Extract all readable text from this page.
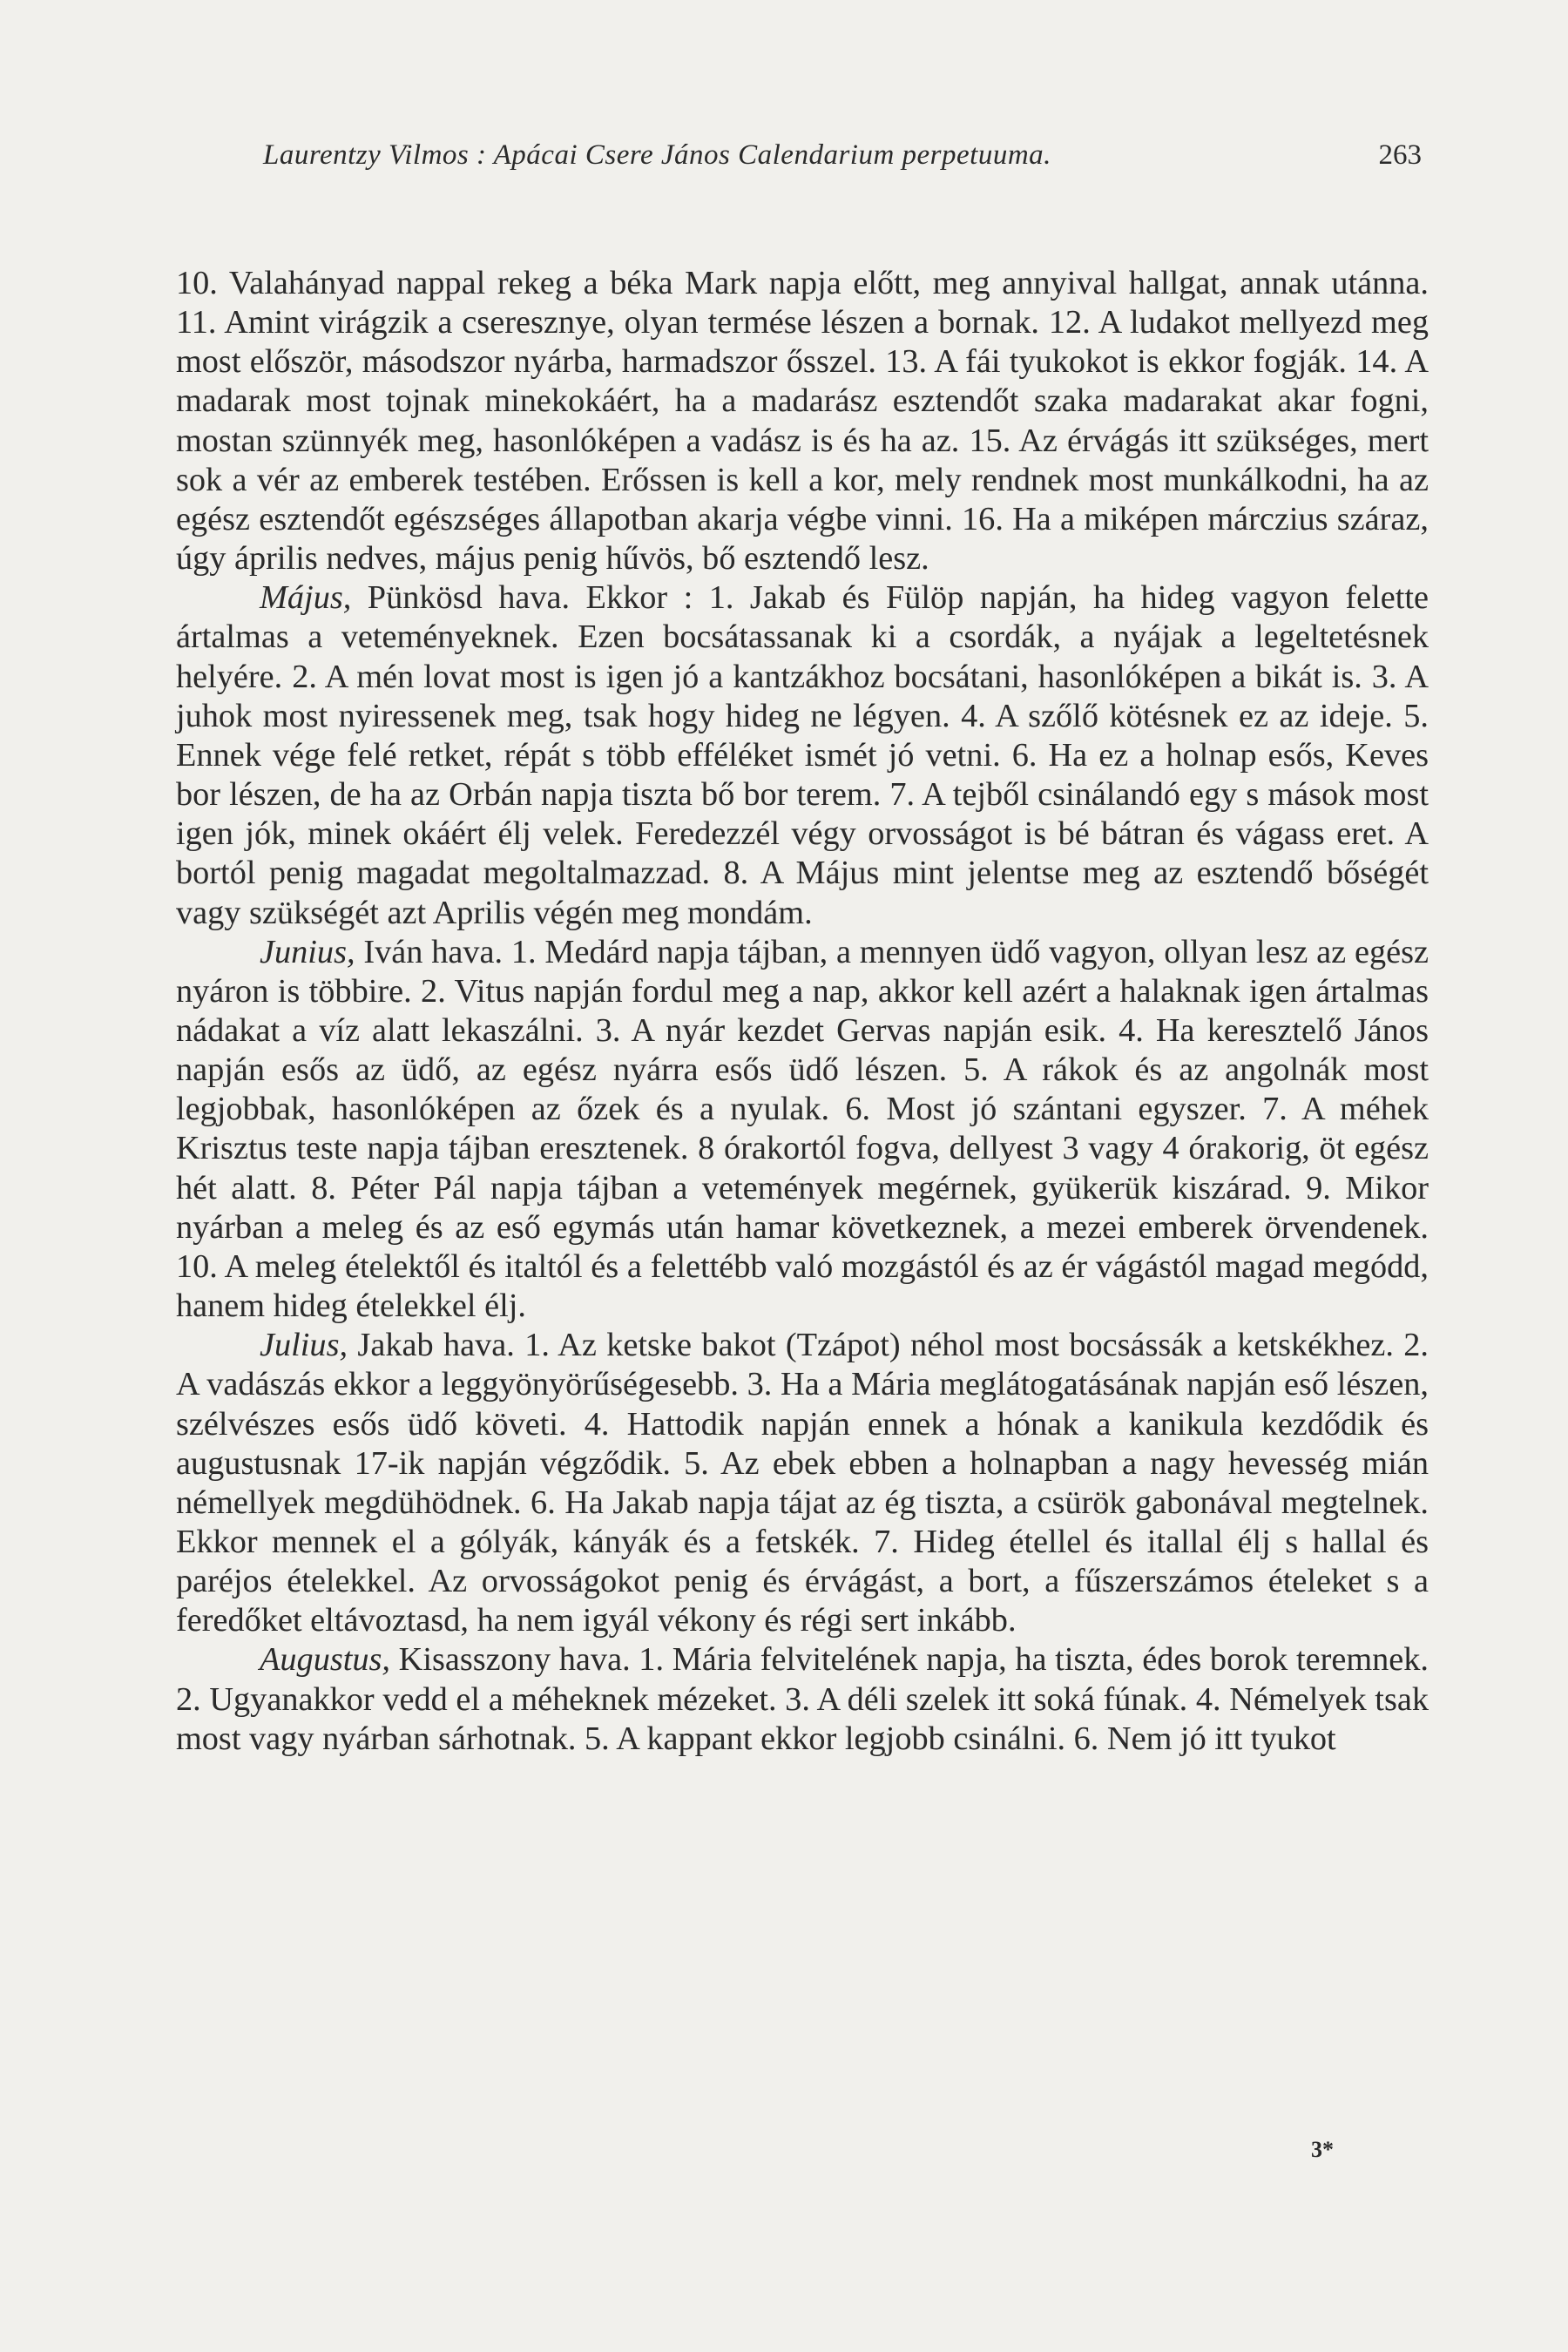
Laurentzy Vilmos : Apácai Csere János Calendarium perpetuuma.	263

10. Valahányad nappal rekeg a béka Mark napja előtt, meg annyival hallgat, annak utánna. 11. Amint virágzik a cseresznye, olyan termése lészen a bornak. 12. A ludakot mellyezd meg most először, másodszor nyárba, harmadszor ősszel. 13. A fái tyukokot is ekkor fogják. 14. A madarak most tojnak minekokáért, ha a madarász esztendőt szaka madarakat akar fogni, mostan szünnyék meg, hasonlóképen a vadász is és ha az. 15. Az érvágás itt szükséges, mert sok a vér az emberek testében. Erőssen is kell a kor, mely rendnek most munkálkodni, ha az egész esztendőt egészséges állapotban akarja végbe vinni. 16. Ha a miképen márczius száraz, úgy április nedves, május penig hűvös, bő esztendő lesz.

Május, Pünkösd hava. Ekkor : 1. Jakab és Fülöp napján, ha hideg vagyon felette ártalmas a veteményeknek. Ezen bocsátassanak ki a csordák, a nyájak a legeltetésnek helyére. 2. A mén lovat most is igen jó a kantzákhoz bocsátani, hasonlóképen a bikát is. 3. A juhok most nyiressenek meg, tsak hogy hideg ne légyen. 4. A szőlő kötésnek ez az ideje. 5. Ennek vége felé retket, répát s több efféléket ismét jó vetni. 6. Ha ez a holnap esős, Keves bor lészen, de ha az Orbán napja tiszta bő bor terem. 7. A tejből csinálandó egy s mások most igen jók, minek okáért élj velek. Feredezzél végy orvosságot is bé bátran és vágass eret. A bortól penig magadat megoltalmazzad. 8. A Május mint jelentse meg az esztendő bőségét vagy szükségét azt Aprilis végén meg mondám.

Junius, Iván hava. 1. Medárd napja tájban, a mennyen üdő vagyon, ollyan lesz az egész nyáron is többire. 2. Vitus napján fordul meg a nap, akkor kell azért a halaknak igen ártalmas nádakat a víz alatt lekaszálni. 3. A nyár kezdet Gervas napján esik. 4. Ha keresztelő János napján esős az üdő, az egész nyárra esős üdő lészen. 5. A rákok és az angolnák most legjobbak, hasonlóképen az őzek és a nyulak. 6. Most jó szántani egyszer. 7. A méhek Krisztus teste napja tájban eresztenek. 8 órakortól fogva, dellyest 3 vagy 4 órakorig, öt egész hét alatt. 8. Péter Pál napja tájban a vetemények megérnek, gyükerük kiszárad. 9. Mikor nyárban a meleg és az eső egymás után hamar következnek, a mezei emberek örvendenek. 10. A meleg ételektől és italtól és a felettébb való mozgástól és az ér vágástól magad megódd, hanem hideg ételekkel élj.

Julius, Jakab hava. 1. Az ketske bakot (Tzápot) néhol most bocsássák a ketskékhez. 2. A vadászás ekkor a leggyönyörűségesebb. 3. Ha a Mária meglátogatásának napján eső lészen, szélvészes esős üdő követi. 4. Hattodik napján ennek a hónak a kanikula kezdődik és augustusnak 17-ik napján végződik. 5. Az ebek ebben a holnapban a nagy hevesség mián némellyek megdühödnek. 6. Ha Jakab napja tájat az ég tiszta, a csürök gabonával megtelnek. Ekkor mennek el a gólyák, kányák és a fetskék. 7. Hideg étellel és itallal élj s hallal és paréjos ételekkel. Az orvosságokot penig és érvágást, a bort, a fűszerszámos ételeket s a feredőket eltávoztasd, ha nem igyál vékony és régi sert inkább.

Augustus, Kisasszony hava. 1. Mária felvitelének napja, ha tiszta, édes borok teremnek. 2. Ugyanakkor vedd el a méheknek mézeket. 3. A déli szelek itt soká fúnak. 4. Némelyek tsak most vagy nyárban sárhotnak. 5. A kappant ekkor legjobb csinálni. 6. Nem jó itt tyukot

3*
